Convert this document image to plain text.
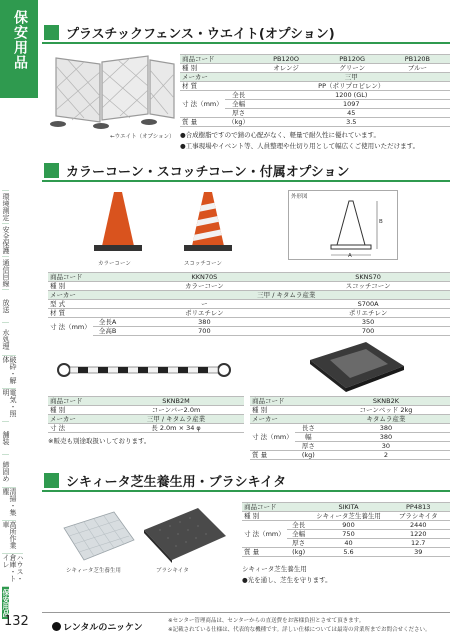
保安用品
環境測定
安全保護
通信回線
放送
水処理
破砕・解体
電気・照明
舗装
締固め
清掃・集塵
高所作業車
ハウス・倉庫・トイレ
保安用品
132
プラスチックフェンス・ウエイト(オプション)
←ウエイト（オプション）
商品コード		PB120O	PB120G	PB120B
種 別		オレンジ	グリーン	ブルー
メーカー		三甲		
材 質		PP（ポリプロピレン）		
寸 法（mm）	全長	1200 (GL)		
	全幅	1097		
	厚さ	45		
質 量	（kg）	3.5		
●合成樹脂ですので錆の心配がなく、軽量で耐久性に優れています。
●工事現場やイベント等、人員整理や仕切り用として幅広くご使用いただけます。
カラーコーン・スコッチコーン・付属オプション
カラーコーン	スコッチコーン
外形図
B
A
商品コード		KKN70S	SKNS70
種 別		カラーコーン	スコッチコーン
メーカー		三甲 / キタムラ産業	
型 式		ー	S700A
材 質		ポリエチレン	ポリエチレン
寸 法（mm）	全長A	380	350
	全高B	700	700
商品コード	SKNB2M
種 別	コーンバー2.0m
メーカー	三甲 / キタムラ産業
寸 法	長 2.0m × 34 φ
※販売も別途取扱いしております。
商品コード		SKNB2K
種 別		コーンベッド 2kg
メーカー		キタムラ産業
寸 法（mm）	長さ	380
	幅	380
	厚さ	30
質 量	(kg)	2
シキィータ芝生養生用・ブラシキイタ
シキィータ芝生養生用	ブラシキイタ
商品コード		SIKITA	PP4813
種 別		シキィータ芝生養生用	ブラシキイタ
寸 法（mm）	全長	900	2440
	全幅	750	1220
	厚さ	40	12.7
質 量	(kg)	5.6	39
シキィータ芝生養生用
●光を通し、芝生を守ります。
レンタルのニッケン
※センター管理商品は、センターからの直送費をお客様負担とさせて頂きます。
※記載されている仕様は、代表的な機種です。詳しい仕様については最寄の営業所までお問合せください。
